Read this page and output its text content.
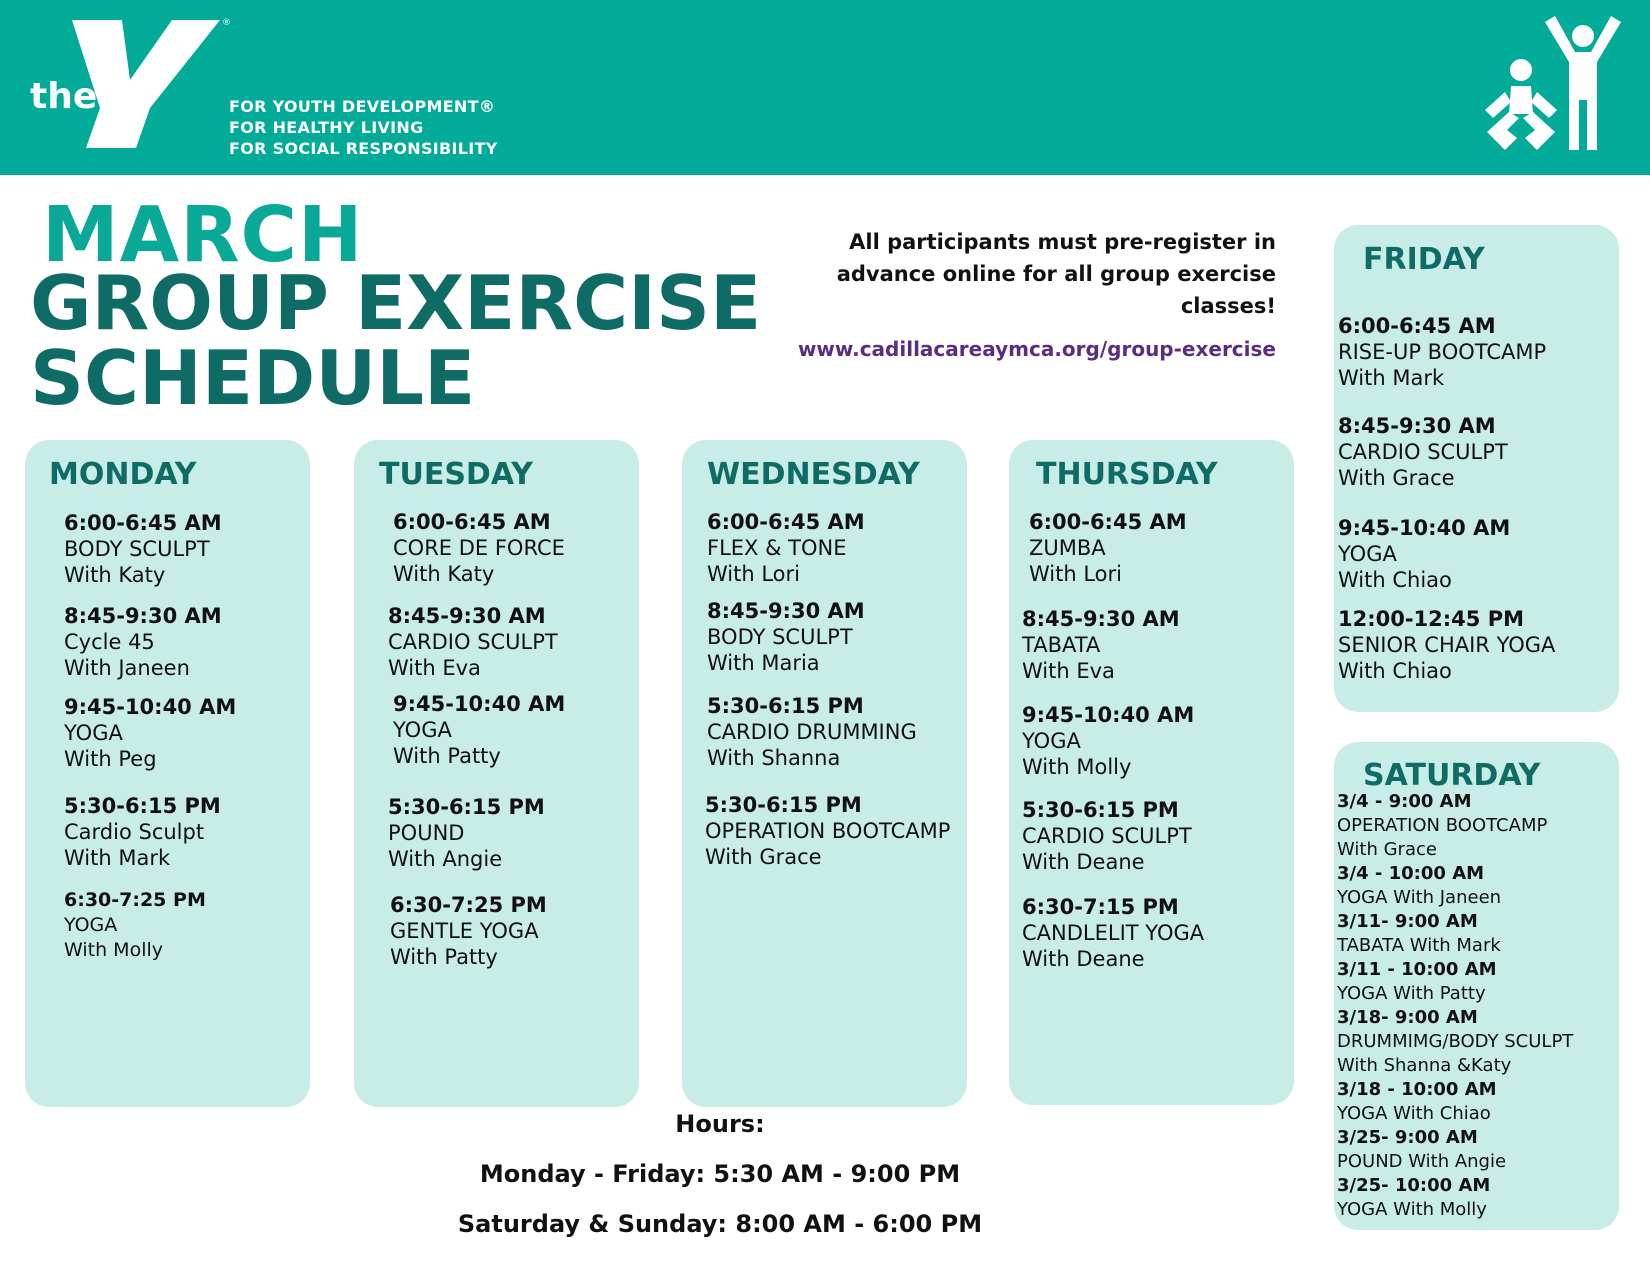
the
YMCA
®
FOR YOUTH DEVELOPMENT®
FOR HEALTHY LIVING
FOR SOCIAL RESPONSIBILITY
MARCH
GROUP EXERCISE
SCHEDULE
All participants must pre-register in
advance online for all group exercise
classes!
www.cadillacareaymca.org/group-exercise
MONDAY
6:00-6:45 AM
BODY SCULPT
With Katy
8:45-9:30 AM
Cycle 45
With Janeen
9:45-10:40 AM
YOGA
With Peg
5:30-6:15 PM
Cardio Sculpt
With Mark
6:30-7:25 PM
YOGA
With Molly
TUESDAY
6:00-6:45 AM
CORE DE FORCE
With Katy
8:45-9:30 AM
CARDIO SCULPT
With Eva
9:45-10:40 AM
YOGA
With Patty
5:30-6:15 PM
POUND
With Angie
6:30-7:25 PM
GENTLE YOGA
With Patty
WEDNESDAY
6:00-6:45 AM
FLEX & TONE
With Lori
8:45-9:30 AM
BODY SCULPT
With Maria
5:30-6:15 PM
CARDIO DRUMMING
With Shanna
5:30-6:15 PM
OPERATION BOOTCAMP
With Grace
THURSDAY
6:00-6:45 AM
ZUMBA
With Lori
8:45-9:30 AM
TABATA
With Eva
9:45-10:40 AM
YOGA
With Molly
5:30-6:15 PM
CARDIO SCULPT
With Deane
6:30-7:15 PM
CANDLELIT YOGA
With Deane
FRIDAY
6:00-6:45 AM
RISE-UP BOOTCAMP
With Mark
8:45-9:30 AM
CARDIO SCULPT
With Grace
9:45-10:40 AM
YOGA
With Chiao
12:00-12:45 PM
SENIOR CHAIR YOGA
With Chiao
SATURDAY
3/4 - 9:00 AM
OPERATION BOOTCAMP
With Grace
3/4 - 10:00 AM
YOGA With Janeen
3/11- 9:00 AM
TABATA With Mark
3/11 - 10:00 AM
YOGA With Patty
3/18- 9:00 AM
DRUMMIMG/BODY SCULPT
With Shanna &Katy
3/18 - 10:00 AM
YOGA With Chiao
3/25- 9:00 AM
POUND With Angie
3/25- 10:00 AM
YOGA With Molly
Hours:
Monday - Friday: 5:30 AM - 9:00 PM
Saturday & Sunday: 8:00 AM - 6:00 PM
